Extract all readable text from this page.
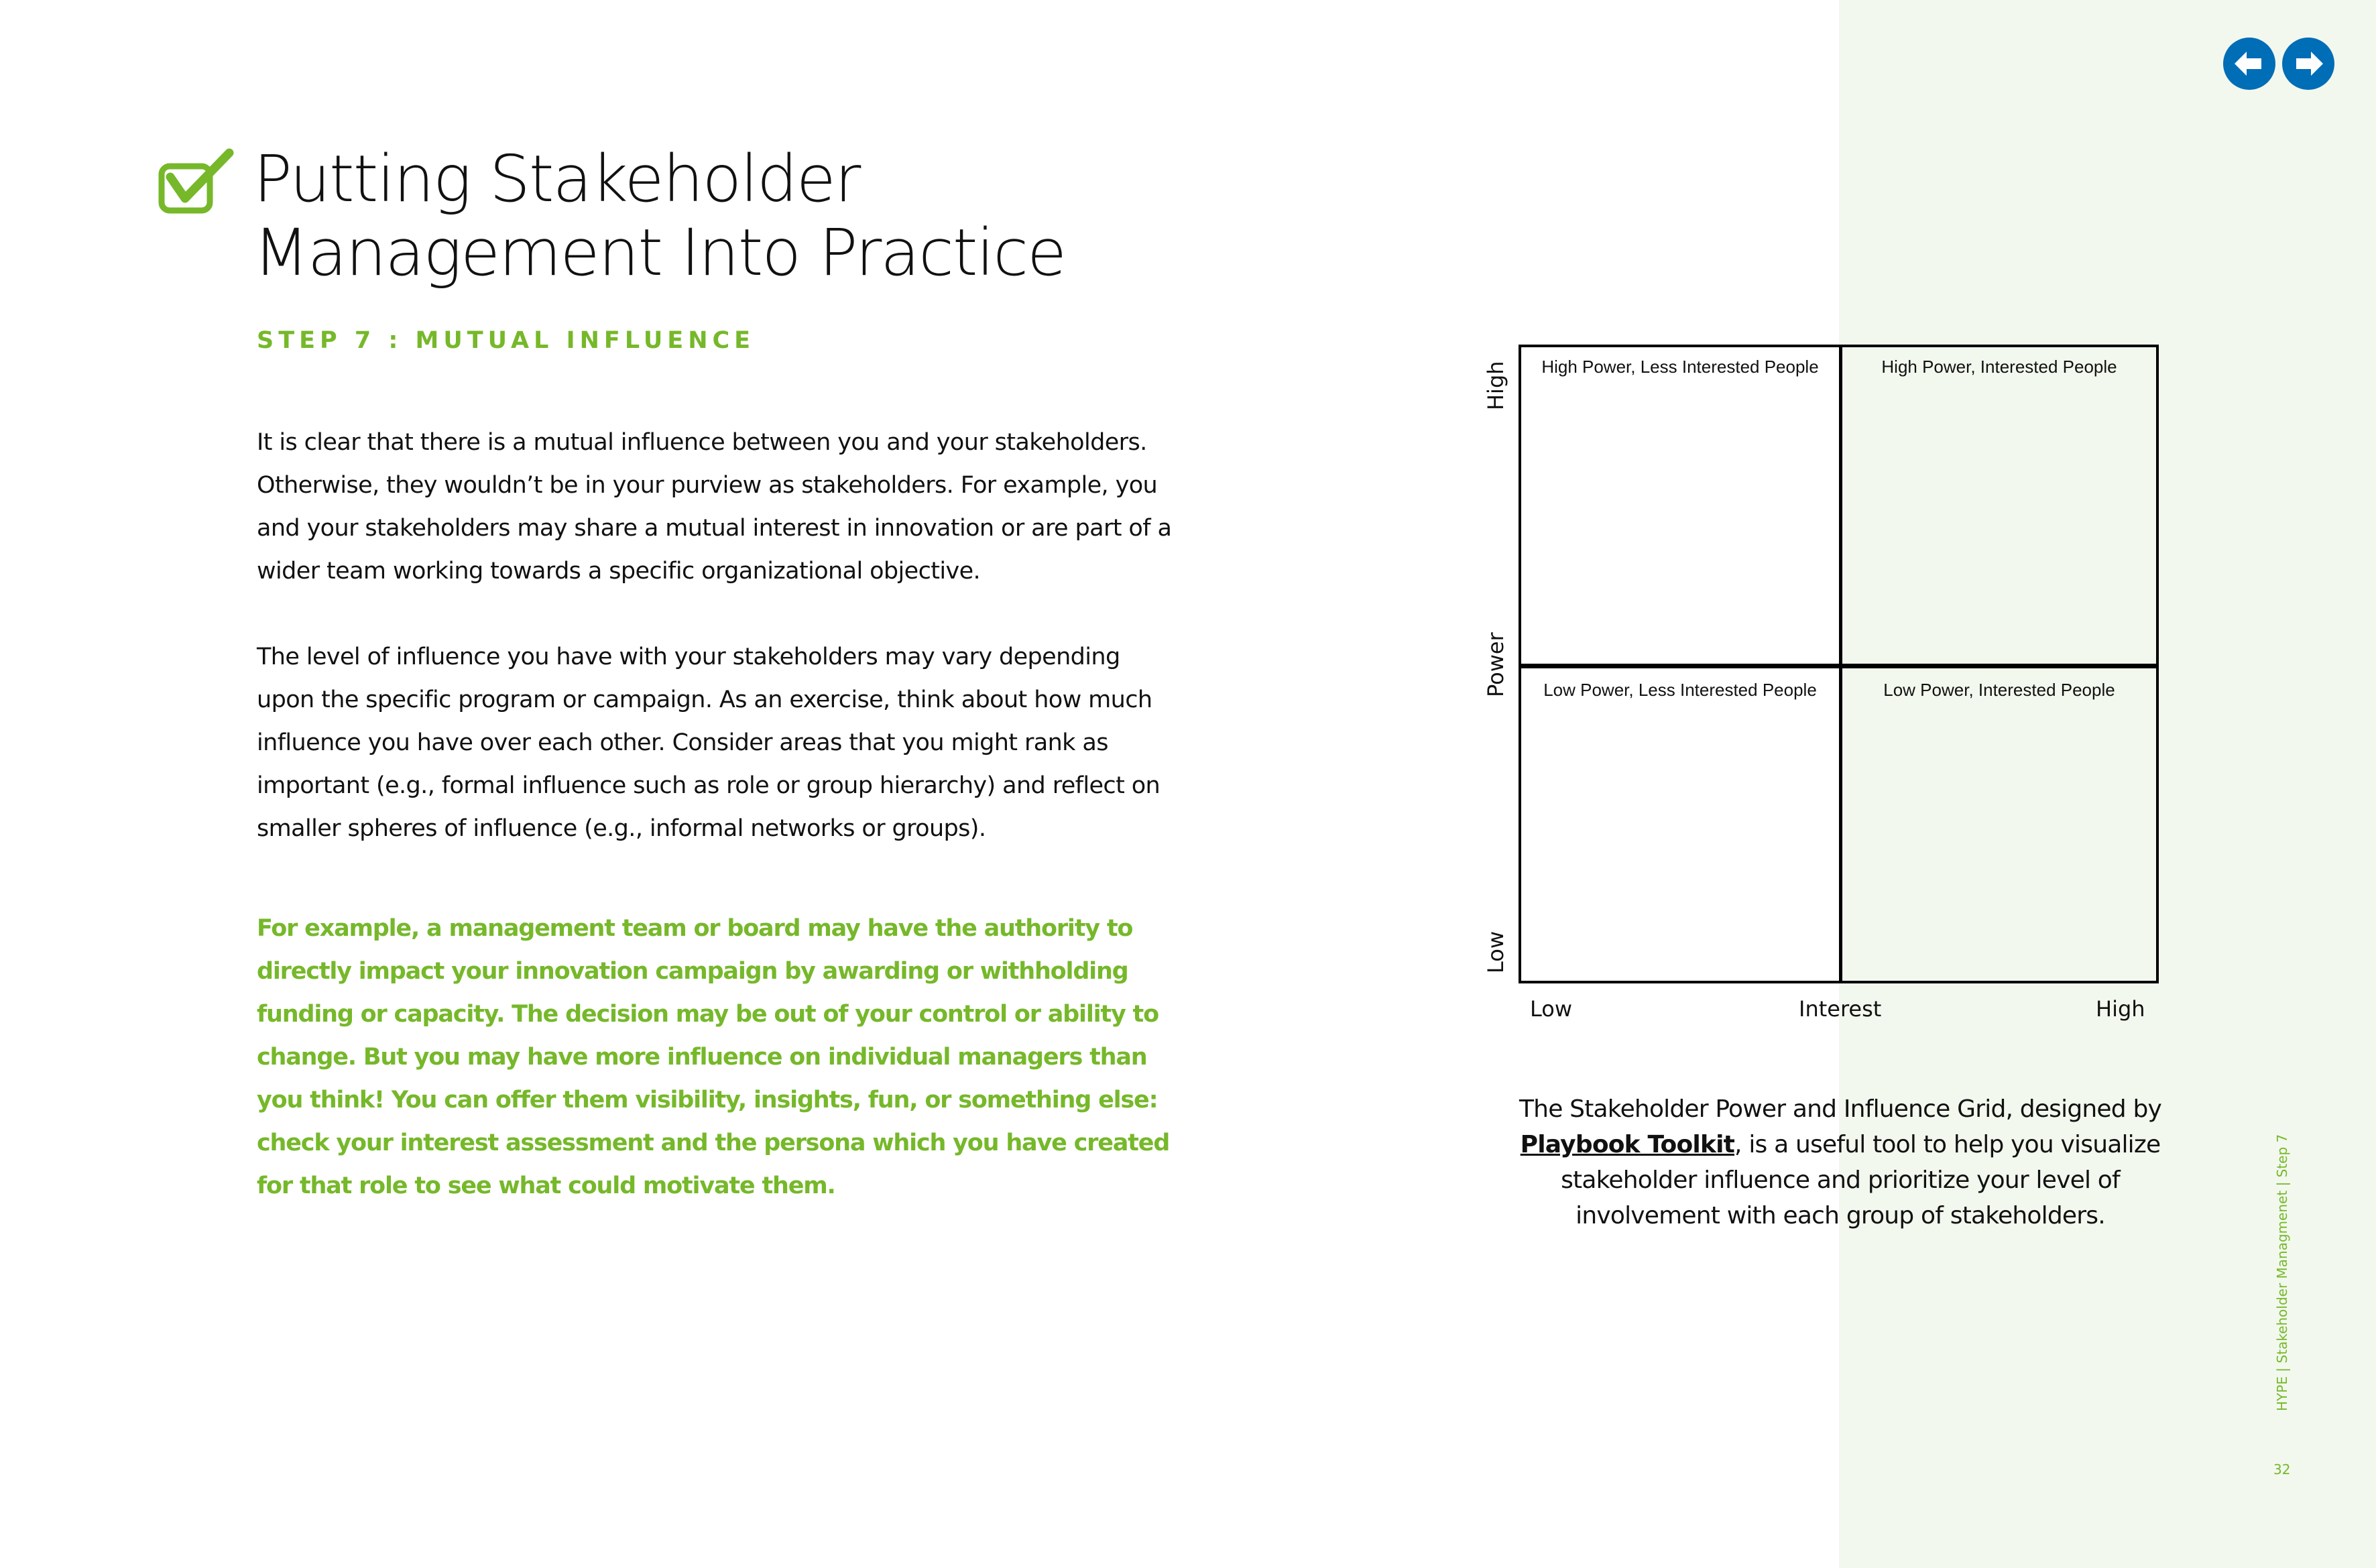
Putting Stakeholder
Management Into Practice
STEP 7 : MUTUAL INFLUENCE

It is clear that there is a mutual influence between you and your stakeholders. Otherwise, they wouldn’t be in your purview as stakeholders. For example, you and your stakeholders may share a mutual interest in innovation or are part of a wider team working towards a specific organizational objective.

The level of influence you have with your stakeholders may vary depending upon the specific program or campaign. As an exercise, think about how much influence you have over each other. Consider areas that you might rank as important (e.g., formal influence such as role or group hierarchy) and reflect on smaller spheres of influence (e.g., informal networks or groups).

For example, a management team or board may have the authority to directly impact your innovation campaign by awarding or withholding funding or capacity. The decision may be out of your control or ability to change. But you may have more influence on individual managers than you think! You can offer them visibility, insights, fun, or something else: check your interest assessment and the persona which you have created for that role to see what could motivate them.

High
Power
Low
High Power, Less Interested People	High Power, Interested People
Low Power, Less Interested People	Low Power, Interested People
Low	Interest	High

The Stakeholder Power and Influence Grid, designed by Playbook Toolkit, is a useful tool to help you visualize stakeholder influence and prioritize your level of involvement with each group of stakeholders.	HYPE | Stakeholder Managmenet | Step 7
32
